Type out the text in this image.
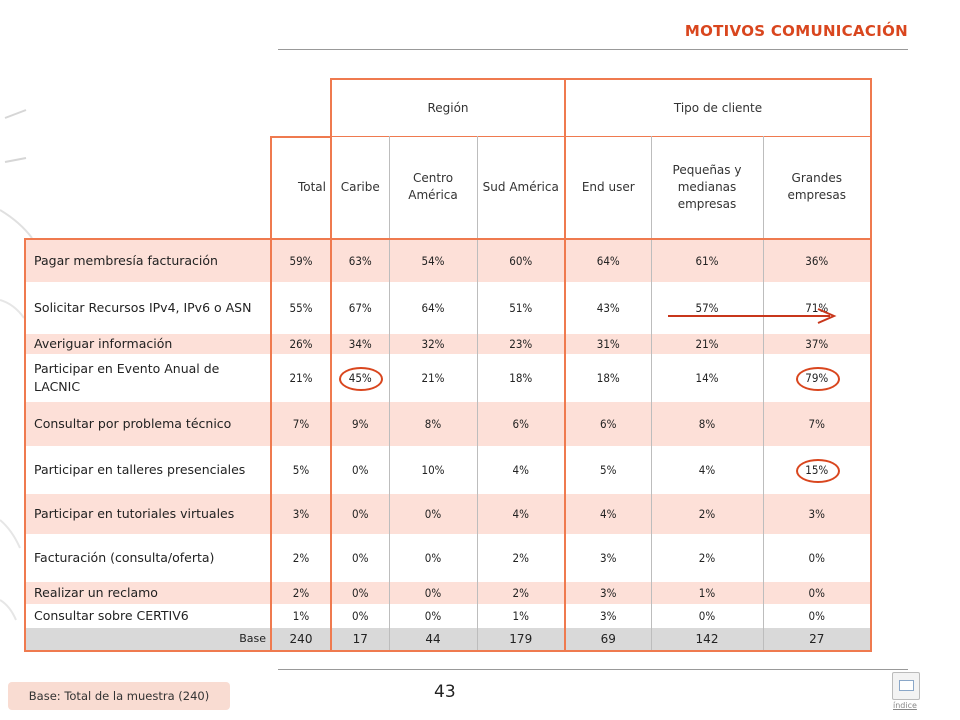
MOTIVOS COMUNICACIÓN
		Región			Tipo de cliente		
	Total	Caribe	Centro América	Sud América	End user	Pequeñas y medianas empresas	Grandes empresas
Pagar membresía facturación	59%	63%	54%	60%	64%	61%	36%
Solicitar Recursos IPv4, IPv6 o ASN	55%	67%	64%	51%	43%	57%	71%
Averiguar información	26%	34%	32%	23%	31%	21%	37%
Participar en Evento Anual de LACNIC	21%	45%	21%	18%	18%	14%	79%
Consultar por problema técnico	7%	9%	8%	6%	6%	8%	7%
Participar en talleres presenciales	5%	0%	10%	4%	5%	4%	15%
Participar en tutoriales virtuales	3%	0%	0%	4%	4%	2%	3%
Facturación (consulta/oferta)	2%	0%	0%	2%	3%	2%	0%
Realizar un reclamo	2%	0%	0%	2%	3%	1%	0%
Consultar sobre CERTIV6	1%	0%	0%	1%	3%	0%	0%
Base	240	17	44	179	69	142	27
Base: Total de la muestra (240)	43
índice
